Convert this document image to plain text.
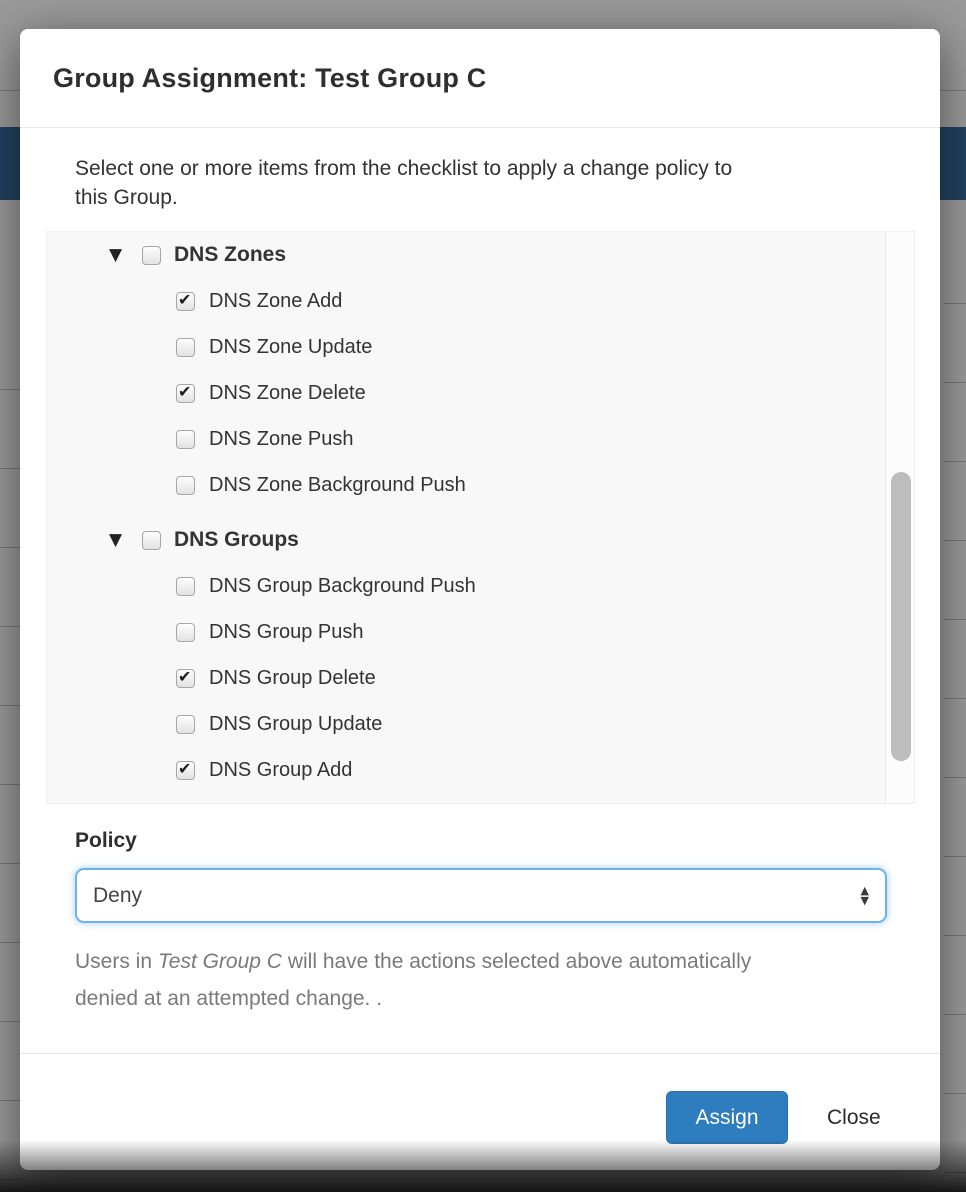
Group Assignment: Test Group C
Select one or more items from the checklist to apply a change policy to
this Group.
▼	DNS Zones
✔ DNS Zone Add
DNS Zone Update
✔ DNS Zone Delete
DNS Zone Push
DNS Zone Background Push
▼	DNS Groups
DNS Group Background Push
DNS Group Push
✔ DNS Group Delete
DNS Group Update
✔ DNS Group Add
Policy
Deny	▲
▼
Users in Test Group C will have the actions selected above automatically
denied at an attempted change. .
Assign	Close
